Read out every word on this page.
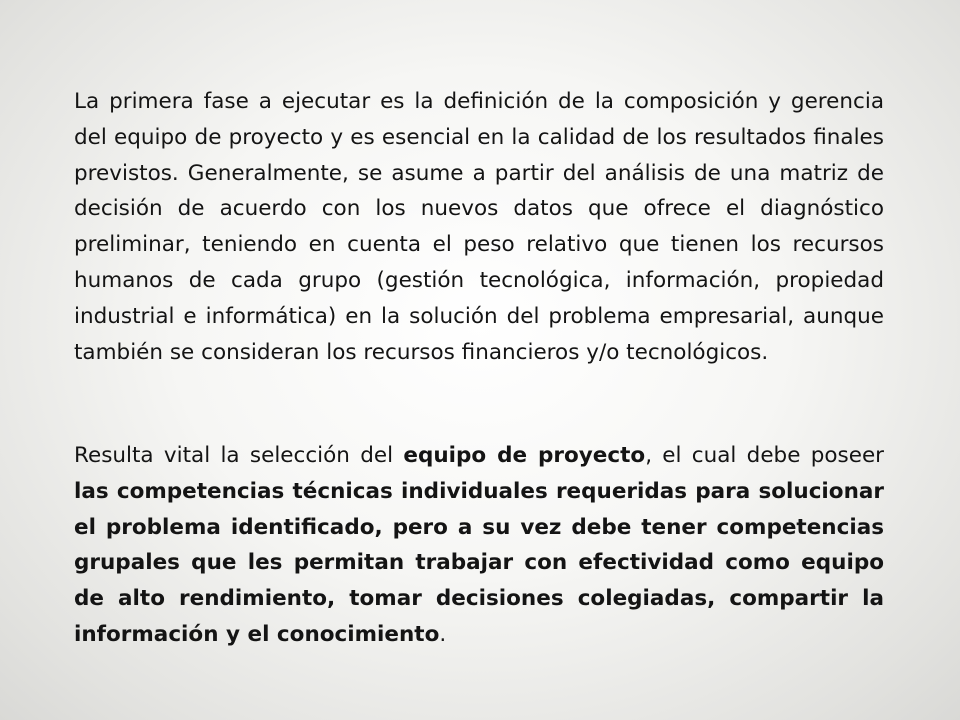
La primera fase a ejecutar es la definición de la composición y gerencia del equipo de proyecto y es esencial en la calidad de los resultados finales previstos. Generalmente, se asume a partir del análisis de una matriz de decisión de acuerdo con los nuevos datos que ofrece el diagnóstico preliminar, teniendo en cuenta el peso relativo que tienen los recursos humanos de cada grupo (gestión tecnológica, información, propiedad industrial e informática) en la solución del problema empresarial, aunque también se consideran los recursos financieros y/o tecnológicos.

Resulta vital la selección del equipo de proyecto, el cual debe poseer las competencias técnicas individuales requeridas para solucionar el problema identificado, pero a su vez debe tener competencias grupales que les permitan trabajar con efectividad como equipo de alto rendimiento, tomar decisiones colegiadas, compartir la información y el conocimiento.
